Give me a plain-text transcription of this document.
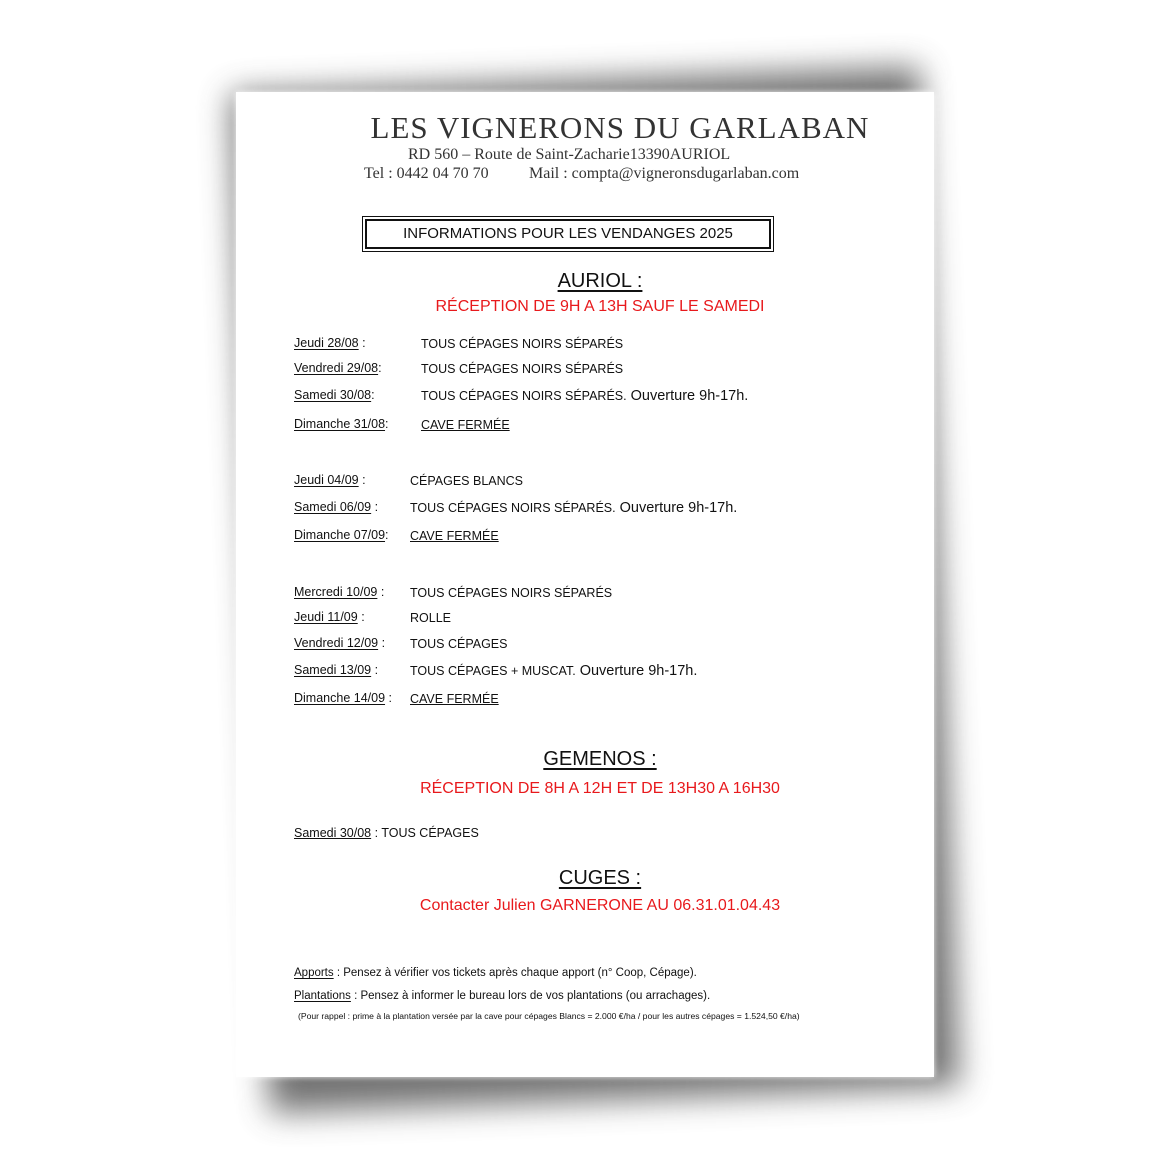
LES VIGNERONS DU GARLABAN
RD 560 – Route de Saint-Zacharie13390AURIOL
Tel : 0442 04 70 70	Mail : compta@vigneronsdugarlaban.com
INFORMATIONS POUR LES VENDANGES 2025
AURIOL :
RÉCEPTION DE 9H A 13H SAUF LE SAMEDI
Jeudi 28/08 :	TOUS CÉPAGES NOIRS SÉPARÉS
Vendredi 29/08:	TOUS CÉPAGES NOIRS SÉPARÉS
Samedi 30/08:	TOUS CÉPAGES NOIRS SÉPARÉS. Ouverture 9h-17h.
Dimanche 31/08:	CAVE FERMÉE
Jeudi 04/09 :	CÉPAGES BLANCS
Samedi 06/09 :	TOUS CÉPAGES NOIRS SÉPARÉS. Ouverture 9h-17h.
Dimanche 07/09: CAVE FERMÉE
Mercredi 10/09 : TOUS CÉPAGES NOIRS SÉPARÉS
Jeudi 11/09 :	ROLLE
Vendredi 12/09 : TOUS CÉPAGES
Samedi 13/09 :	TOUS CÉPAGES + MUSCAT. Ouverture 9h-17h.
Dimanche 14/09 : CAVE FERMÉE
GEMENOS :
RÉCEPTION DE 8H A 12H ET DE 13H30 A 16H30
Samedi 30/08 : TOUS CÉPAGES
CUGES :
Contacter Julien GARNERONE AU 06.31.01.04.43
Apports : Pensez à vérifier vos tickets après chaque apport (n° Coop, Cépage).
Plantations : Pensez à informer le bureau lors de vos plantations (ou arrachages).
(Pour rappel : prime à la plantation versée par la cave pour cépages Blancs = 2.000 €/ha / pour les autres cépages = 1.524,50 €/ha)
